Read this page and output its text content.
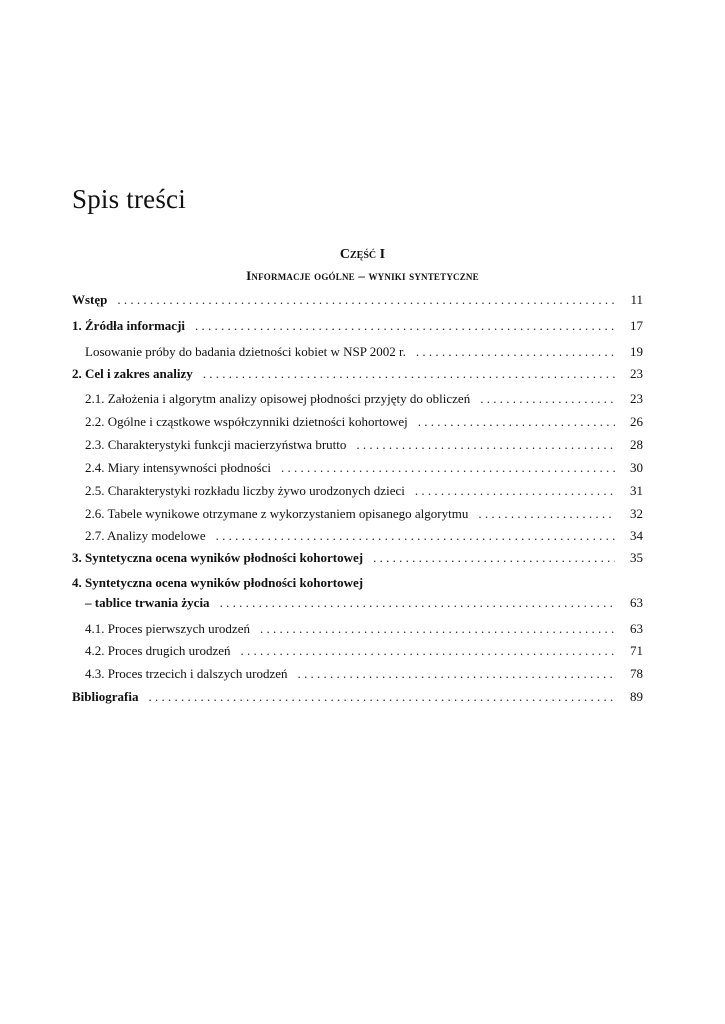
Spis treści
Część I
Informacje ogólne – wyniki syntetyczne
Wstęp . . .	11
1. Źródła informacji . . .	17
Losowanie próby do badania dzietności kobiet w NSP 2002 r. . . .	19
2. Cel i zakres analizy . . .	23
2.1. Założenia i algorytm analizy opisowej płodności przyjęty do obliczeń . . .	23
2.2. Ogólne i cząstkowe współczynniki dzietności kohortowej . . .	26
2.3. Charakterystyki funkcji macierzyństwa brutto . . .	28
2.4. Miary intensywności płodności . . .	30
2.5. Charakterystyki rozkładu liczby żywo urodzonych dzieci . . .	31
2.6. Tabele wynikowe otrzymane z wykorzystaniem opisanego algorytmu . . .	32
2.7. Analizy modelowe . . .	34
3. Syntetyczna ocena wyników płodności kohortowej . . .	35
4. Syntetyczna ocena wyników płodności kohortowej
– tablice trwania życia . . .	63
4.1. Proces pierwszych urodzeń . . .	63
4.2. Proces drugich urodzeń . . .	71
4.3. Proces trzecich i dalszych urodzeń . . .	78
Bibliografia . . .	89
